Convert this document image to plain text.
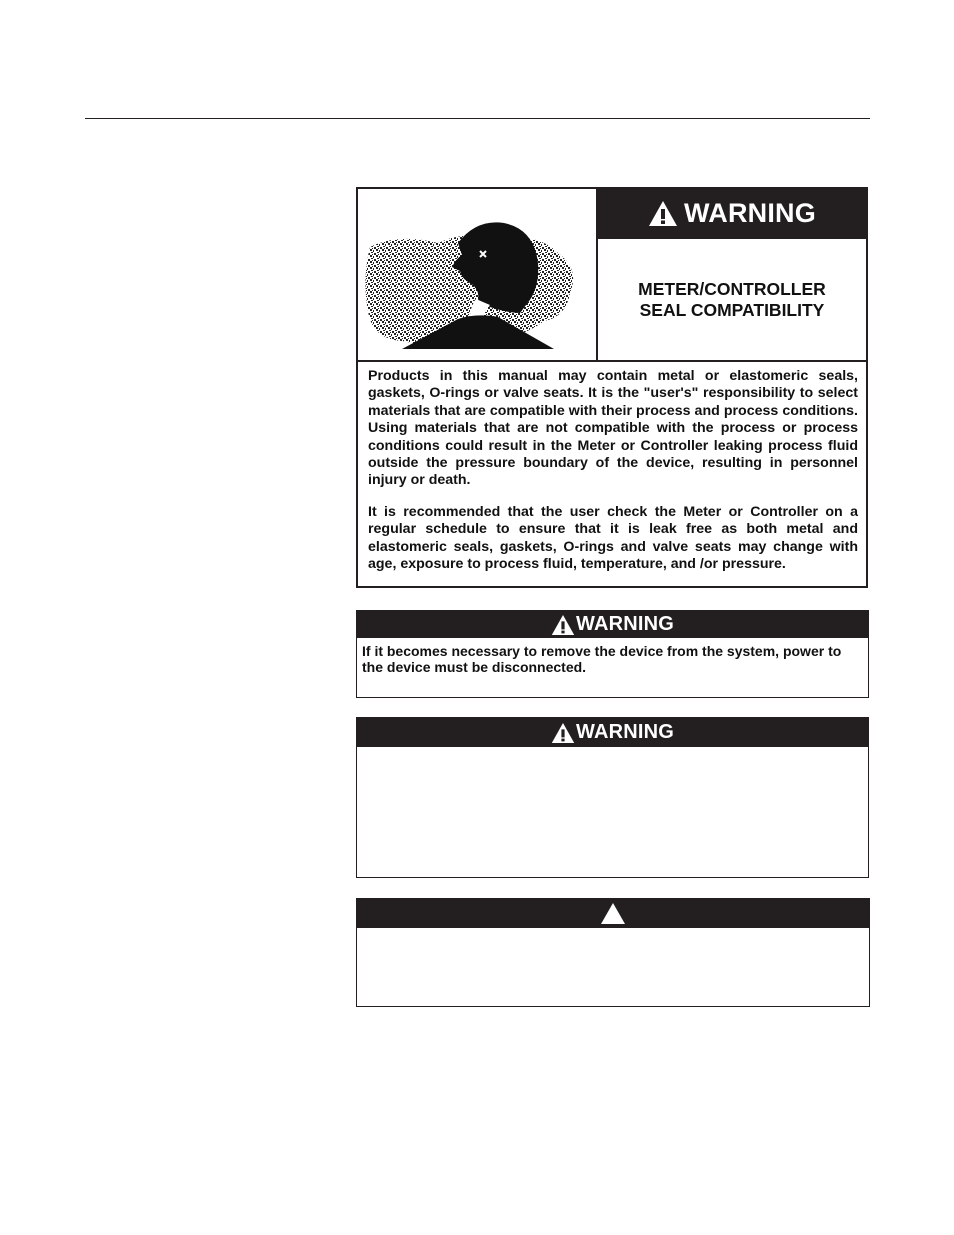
WARNING
METER/CONTROLLER
SEAL COMPATIBILITY

Products in this manual may contain metal or elastomeric seals, gaskets, O-rings or valve seats. It is the "user's" responsibility to select materials that are compatible with their process and process conditions. Using materials that are not compatible with the process or process conditions could result in the Meter or Controller leaking process fluid outside the pressure boundary of the device, resulting in personnel injury or death.

It is recommended that the user check the Meter or Controller on a regular schedule to ensure that it is leak free as both metal and elastomeric seals, gaskets, O-rings and valve seats may change with age, exposure to process fluid, temperature, and /or pressure.

WARNING
If it becomes necessary to remove the device from the system, power to the device must be disconnected.
WARNING
